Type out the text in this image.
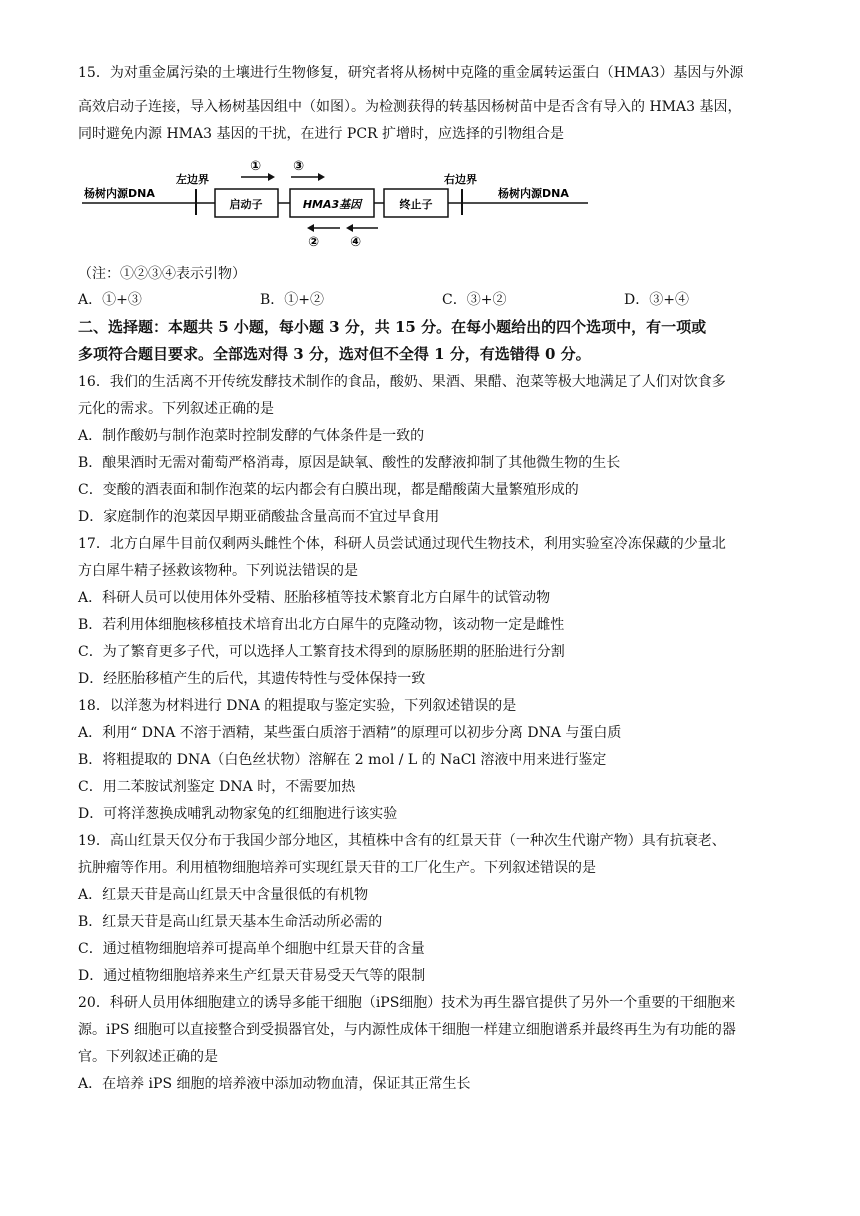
15．为对重金属污染的土壤进行生物修复，研究者将从杨树中克隆的重金属转运蛋白（HMA3）基因与外源
高效启动子连接，导入杨树基因组中（如图）。为检测获得的转基因杨树苗中是否含有导入的 HMA3 基因，
同时避免内源 HMA3 基因的干扰，在进行 PCR 扩增时，应选择的引物组合是
杨树内源DNA
左边界
启动子	HMA3基因	终止子
右边界
杨树内源DNA
① ③
② ④
（注：①②③④表示引物）
A．①+③	B．①+②	C．③+②	D．③+④
二、选择题：本题共 5 小题，每小题 3 分，共 15 分。在每小题给出的四个选项中，有一项或
多项符合题目要求。全部选对得 3 分，选对但不全得 1 分，有选错得 0 分。
16．我们的生活离不开传统发酵技术制作的食品，酸奶、果酒、果醋、泡菜等极大地满足了人们对饮食多
元化的需求。下列叙述正确的是
A．制作酸奶与制作泡菜时控制发酵的气体条件是一致的
B．酿果酒时无需对葡萄严格消毒，原因是缺氧、酸性的发酵液抑制了其他微生物的生长
C．变酸的酒表面和制作泡菜的坛内都会有白膜出现，都是醋酸菌大量繁殖形成的
D．家庭制作的泡菜因早期亚硝酸盐含量高而不宜过早食用
17．北方白犀牛目前仅剩两头雌性个体，科研人员尝试通过现代生物技术，利用实验室冷冻保藏的少量北
方白犀牛精子拯救该物种。下列说法错误的是
A．科研人员可以使用体外受精、胚胎移植等技术繁育北方白犀牛的试管动物
B．若利用体细胞核移植技术培育出北方白犀牛的克隆动物，该动物一定是雌性
C．为了繁育更多子代，可以选择人工繁育技术得到的原肠胚期的胚胎进行分割
D．经胚胎移植产生的后代，其遗传特性与受体保持一致
18．以洋葱为材料进行 DNA 的粗提取与鉴定实验，下列叙述错误的是
A．利用“ DNA 不溶于酒精，某些蛋白质溶于酒精”的原理可以初步分离 DNA 与蛋白质
B．将粗提取的 DNA（白色丝状物）溶解在 2 mol / L 的 NaCl 溶液中用来进行鉴定
C．用二苯胺试剂鉴定 DNA 时，不需要加热
D．可将洋葱换成哺乳动物家兔的红细胞进行该实验
19．高山红景天仅分布于我国少部分地区，其植株中含有的红景天苷（一种次生代谢产物）具有抗衰老、
抗肿瘤等作用。利用植物细胞培养可实现红景天苷的工厂化生产。下列叙述错误的是
A．红景天苷是高山红景天中含量很低的有机物
B．红景天苷是高山红景天基本生命活动所必需的
C．通过植物细胞培养可提高单个细胞中红景天苷的含量
D．通过植物细胞培养来生产红景天苷易受天气等的限制
20．科研人员用体细胞建立的诱导多能干细胞（iPS细胞）技术为再生器官提供了另外一个重要的干细胞来
源。iPS 细胞可以直接整合到受损器官处，与内源性成体干细胞一样建立细胞谱系并最终再生为有功能的器
官。下列叙述正确的是
A．在培养 iPS 细胞的培养液中添加动物血清，保证其正常生长
